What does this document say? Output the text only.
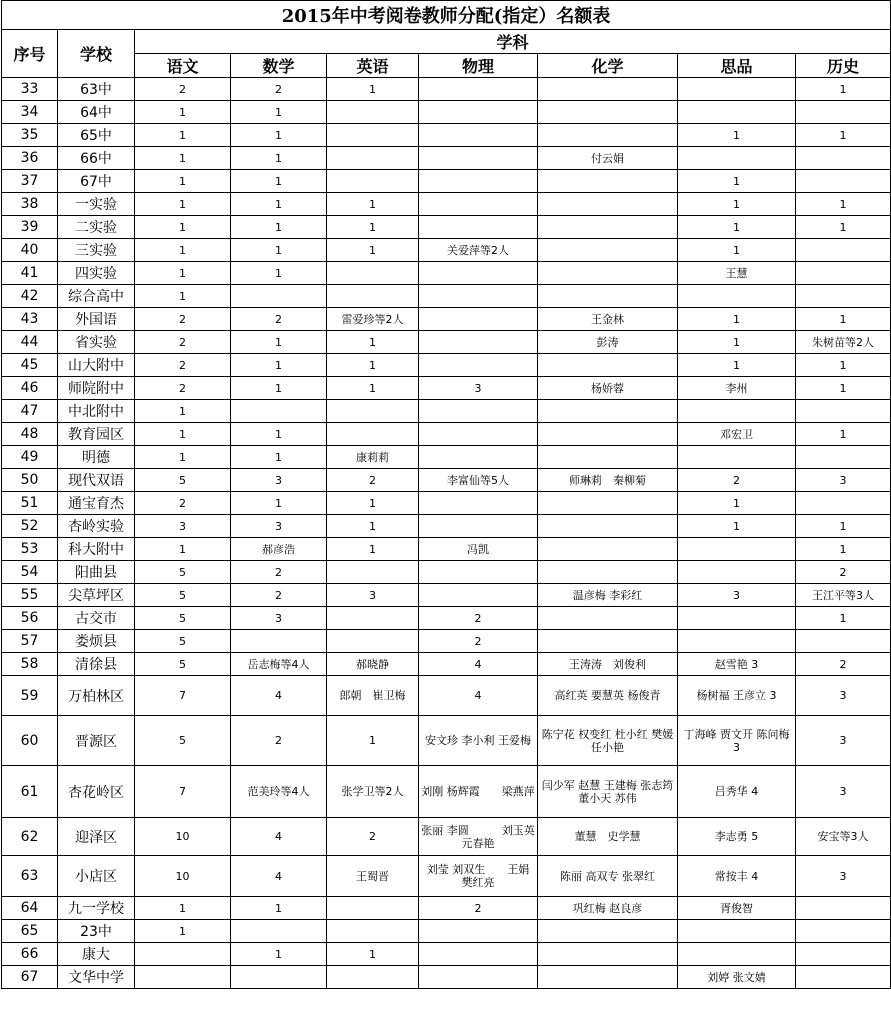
2015年中考阅卷教师分配(指定）名额表								
序号	学校	学科						
		语文	数学	英语	物理	化学	思品	历史
33	63中	2	2	1				1
34	64中	1	1					
35	65中	1	1				1	1
36	66中	1	1			付云娟		
37	67中	1	1				1	
38	一实验	1	1	1			1	1
39	二实验	1	1	1			1	1
40	三实验	1	1	1	关爱萍等2人		1	
41	四实验	1	1				王慧	
42	综合高中	1						
43	外国语	2	2	雷爱珍等2人		王金林	1	1
44	省实验	2	1	1		彭涛	1	朱树苗等2人
45	山大附中	2	1	1			1	1
46	师院附中	2	1	1	3	杨娇蓉	李州	1
47	中北附中	1						
48	教育园区	1	1				邓宏卫	1
49	明德	1	1	康莉莉				
50	现代双语	5	3	2	李富仙等5人	师琳莉　秦柳菊	2	3
51	通宝育杰	2	1	1			1	
52	杏岭实验	3	3	1			1	1
53	科大附中	1	郝彦浩	1	冯凯			1
54	阳曲县	5	2					2
55	尖草坪区	5	2	3		温彦梅 李彩红	3	王江平等3人
56	古交市	5	3		2			1
57	娄烦县	5			2			
58	清徐县	5	岳志梅等4人	郝晓静	4	王涛涛　刘俊利	赵雪艳 3	2
59	万柏林区	7	4	郎朝　崔卫梅	4	高红英 要慧英 杨俊青	杨树福 王彦立 3	3
60	晋源区	5	2	1	安文珍 李小利 王爱梅	陈宁花 权变红 杜小红 樊媛 任小艳	丁海峰 贾文开 陈问梅 3	3
61	杏花岭区	7	范美玲等4人	张学卫等2人	刘刚 杨辉霞　　梁燕萍	闫少军 赵慧 王建梅 张志筠 董小天 苏伟	吕秀华 4	3
62	迎泽区	10	4	2	张丽 李圆　　　刘玉英 元春艳	董慧　史学慧	李志勇 5	安宝等3人
63	小店区	10	4	王蜀晋	刘莹 刘双生　　王娟 樊红亮	陈丽 高双专 张翠红	常按丰 4	3
64	九一学校	1	1		2	巩红梅 赵良彦	胥俊智	
65	23中	1						
66	康大		1	1				
67	文华中学						刘婷 张文婧	
